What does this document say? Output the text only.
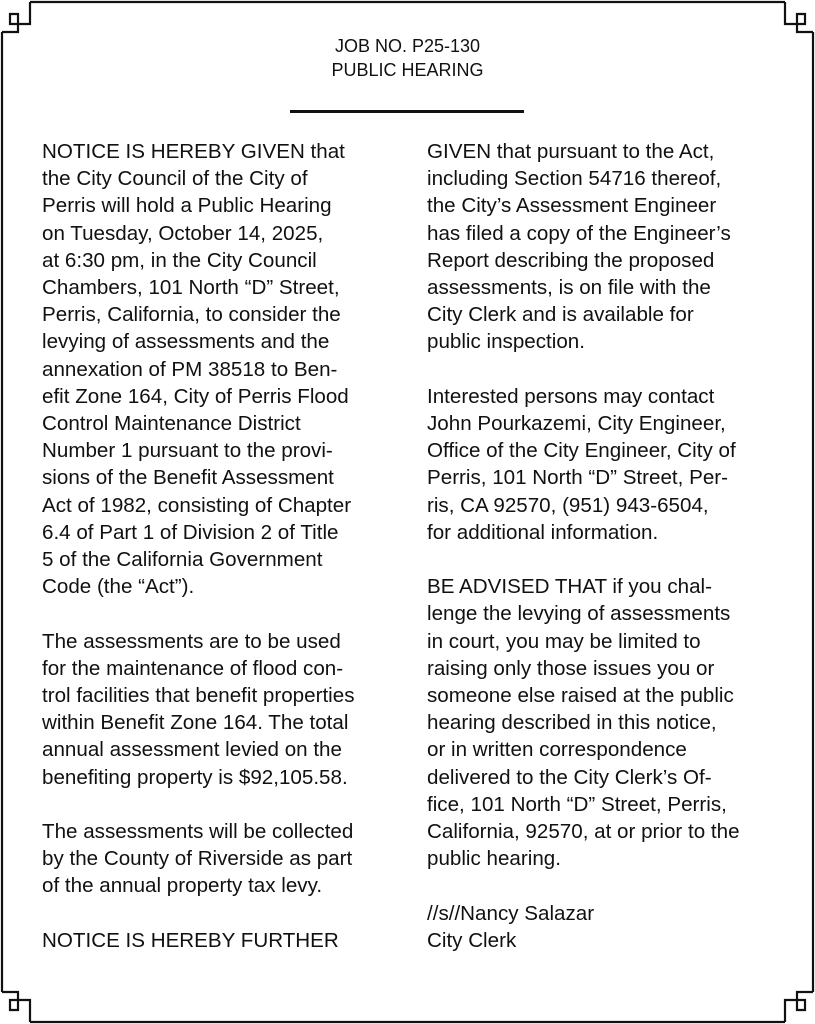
JOB NO. P25-130
PUBLIC HEARING
NOTICE IS HEREBY GIVEN that
the City Council of the City of
Perris will hold a Public Hearing
on Tuesday, October 14, 2025,
at 6:30 pm, in the City Council
Chambers, 101 North “D” Street,
Perris, California, to consider the
levying of assessments and the
annexation of PM 38518 to Ben-
efit Zone 164, City of Perris Flood
Control Maintenance District
Number 1 pursuant to the provi-
sions of the Benefit Assessment
Act of 1982, consisting of Chapter
6.4 of Part 1 of Division 2 of Title
5 of the California Government
Code (the “Act”).
The assessments are to be used
for the maintenance of flood con-
trol facilities that benefit properties
within Benefit Zone 164. The total
annual assessment levied on the
benefiting property is $92,105.58.
The assessments will be collected
by the County of Riverside as part
of the annual property tax levy.
NOTICE IS HEREBY FURTHER
GIVEN that pursuant to the Act,
including Section 54716 thereof,
the City’s Assessment Engineer
has filed a copy of the Engineer’s
Report describing the proposed
assessments, is on file with the
City Clerk and is available for
public inspection.
Interested persons may contact
John Pourkazemi, City Engineer,
Office of the City Engineer, City of
Perris, 101 North “D” Street, Per-
ris, CA 92570, (951) 943-6504,
for additional information.
BE ADVISED THAT if you chal-
lenge the levying of assessments
in court, you may be limited to
raising only those issues you or
someone else raised at the public
hearing described in this notice,
or in written correspondence
delivered to the City Clerk’s Of-
fice, 101 North “D” Street, Perris,
California, 92570, at or prior to the
public hearing.
//s//Nancy Salazar
City Clerk
